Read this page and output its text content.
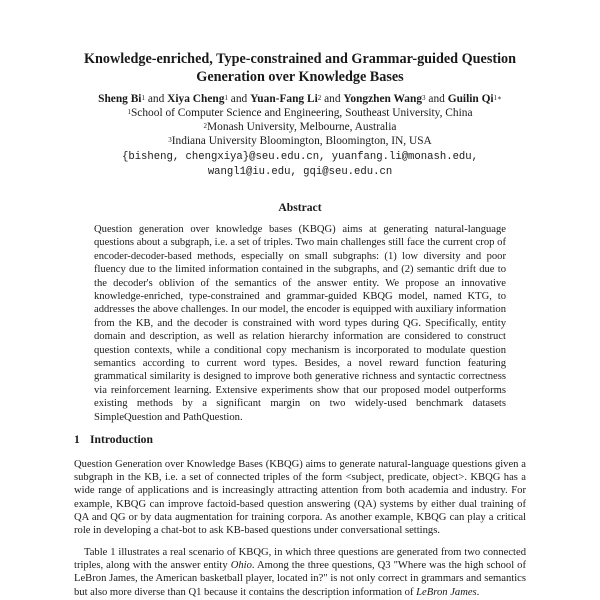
Knowledge-enriched, Type-constrained and Grammar-guided Question Generation over Knowledge Bases
Sheng Bi$^1$ and Xiya Cheng$^1$ and Yuan-Fang Li$^2$ and Yongzhen Wang$^3$ and Guilin $Qi^{1∗}$
$^1$School of Computer Science and Engineering, Southeast University, China
$^2$Monash University, Melbourne, Australia
$^3$Indiana University Bloomington, Bloomington, IN, USA
{bisheng, chengxiya}@seu.edu.cn, yuanfang.li@monash.edu,
wangl1@iu.edu, gqi@seu.edu.cn
Abstract

Question generation over knowledge bases (KBQG) aims at generating natural-language questions about a subgraph, i.e. a set of triples. Two main challenges still face the current crop of encoder-decoder-based methods, especially on small subgraphs: (1) low diversity and poor fluency due to the limited information contained in the subgraphs, and (2) semantic drift due to the decoder's oblivion of the semantics of the answer entity. We propose an innovative knowledge-enriched, type-constrained and grammar-guided KBQG model, named KTG, to addresses the above challenges. In our model, the encoder is equipped with auxiliary information from the KB, and the decoder is constrained with word types during QG. Specifically, entity domain and description, as well as relation hierarchy information are considered to construct question contexts, while a conditional copy mechanism is incorporated to modulate question semantics according to current word types. Besides, a novel reward function featuring grammatical similarity is designed to improve both generative richness and syntactic correctness via reinforcement learning. Extensive experiments show that our proposed model outperforms existing methods by a significant margin on two widely-used benchmark datasets SimpleQuestion and PathQuestion.

1 Introduction

Question Generation over Knowledge Bases (KBQG) aims to generate natural-language questions given a subgraph in the KB, i.e. a set of connected triples of the form <subject, predicate, object>. KBQG has a wide range of applications and is increasingly attracting attention from both academia and industry. For example, KBQG can improve factoid-based question answering (QA) systems by either dual training of QA and QG or by data augmentation for training corpora. As another example, KBQG can play a critical role in developing a chat-bot to ask KB-based questions under conversational settings.

Table 1 illustrates a real scenario of KBQG, in which three questions are generated from two connected triples, along with the answer entity Ohio. Among the three questions, Q3 "Where was the high school of LeBron James, the American basketball player, located in?" is not only correct in grammars and semantics but also more diverse than Q1 because it contains the description information of LeBron James.
